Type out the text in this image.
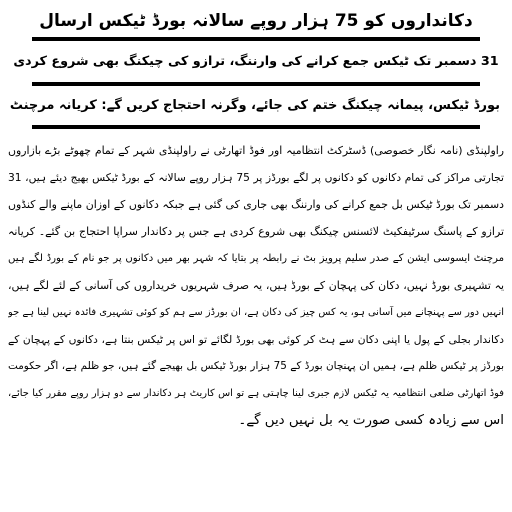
دکانداروں کو 75 ہزار روپے سالانہ بورڈ ٹیکس ارسال
31 دسمبر تک ٹیکس جمع کرانے کی وارننگ، ترازو کی چیکنگ بھی شروع کردی
بورڈ ٹیکس، پیمانہ چیکنگ ختم کی جائے، وگرنہ احتجاج کریں گے: کریانہ مرچنٹ
راولپنڈی (نامہ نگار خصوصی) ڈسٹرکٹ انتظامیہ اور فوڈ اتھارٹی نے راولپنڈی شہر کے تمام چھوٹے بڑے بازاروں
تجارتی مراکز کی تمام دکانوں کو دکانوں پر لگے بورڈز پر 75 ہزار روپے سالانہ کے بورڈ ٹیکس بھیج دیئے ہیں، 31
دسمبر تک بورڈ ٹیکس بل جمع کرانے کی وارننگ بھی جاری کی گئی ہے جبکہ دکانوں کے اوزان ماپنے والے کنڈوں
ترازو کے پاسنگ سرٹیفکیٹ لائسنس چیکنگ بھی شروع کردی ہے جس پر دکاندار سراپا احتجاج بن گئے۔ کریانہ
مرچنٹ ایسوسی ایشن کے صدر سلیم پرویز بٹ نے رابطہ پر بتایا کہ شہر بھر میں دکانوں پر جو نام کے بورڈ لگے ہیں
یہ تشہیری بورڈ نہیں، دکان کی پہچان کے بورڈ ہیں، یہ صرف شہریوں خریداروں کی آسانی کے لئے لگے ہیں،
انہیں دور سے پہنچانے میں آسانی ہو، یہ کس چیز کی دکان ہے، ان بورڈز سے ہم کو کوئی تشہیری فائدہ نہیں لینا ہے جو
دکاندار بجلی کے پول یا اپنی دکان سے ہٹ کر کوئی بھی بورڈ لگائے تو اس پر ٹیکس بنتا ہے، دکانوں کے پہچان کے
بورڈز پر ٹیکس ظلم ہے، ہمیں ان پہنچان بورڈ کے 75 ہزار بورڈ ٹیکس بل بھیجے گئے ہیں، جو ظلم ہے، اگر حکومت
فوڈ اتھارٹی ضلعی انتظامیہ یہ ٹیکس لازم جبری لینا چاہتی ہے تو اس کاریٹ ہر دکاندار سے دو ہزار روپے مقرر کیا جائے،
اس سے زیادہ کسی صورت یہ بل نہیں دیں گے۔
